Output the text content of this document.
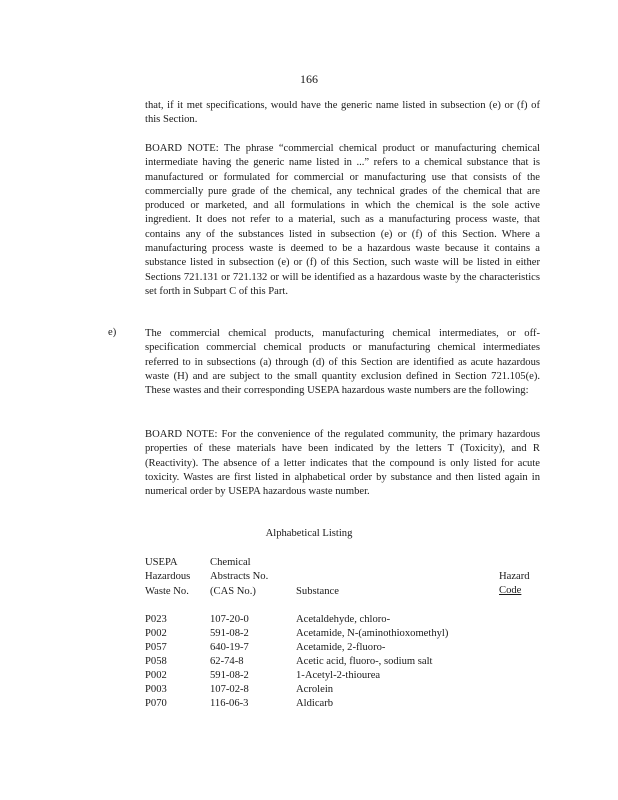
166
that, if it met specifications, would have the generic name listed in subsection (e) or (f) of this Section.
BOARD NOTE: The phrase “commercial chemical product or manufacturing chemical intermediate having the generic name listed in ...” refers to a chemical substance that is manufactured or formulated for commercial or manufacturing use that consists of the commercially pure grade of the chemical, any technical grades of the chemical that are produced or marketed, and all formulations in which the chemical is the sole active ingredient. It does not refer to a material, such as a manufacturing process waste, that contains any of the substances listed in subsection (e) or (f) of this Section. Where a manufacturing process waste is deemed to be a hazardous waste because it contains a substance listed in subsection (e) or (f) of this Section, such waste will be listed in either Sections 721.131 or 721.132 or will be identified as a hazardous waste by the characteristics set forth in Subpart C of this Part.
e)	The commercial chemical products, manufacturing chemical intermediates, or off-specification commercial chemical products or manufacturing chemical intermediates referred to in subsections (a) through (d) of this Section are identified as acute hazardous waste (H) and are subject to the small quantity exclusion defined in Section 721.105(e). These wastes and their corresponding USEPA hazardous waste numbers are the following:
BOARD NOTE: For the convenience of the regulated community, the primary hazardous properties of these materials have been indicated by the letters T (Toxicity), and R (Reactivity). The absence of a letter indicates that the compound is only listed for acute toxicity. Wastes are first listed in alphabetical order by substance and then listed again in numerical order by USEPA hazardous waste number.
Alphabetical Listing
USEPA
Hazardous
Waste No.
Chemical
Abstracts No.
(CAS No.)	Substance
Hazard
Code
P023	107-20-0	Acetaldehyde, chloro-
P002	591-08-2	Acetamide, N-(aminothioxomethyl)
P057	640-19-7	Acetamide, 2-fluoro-
P058	62-74-8	Acetic acid, fluoro-, sodium salt
P002	591-08-2	1-Acetyl-2-thiourea
P003	107-02-8	Acrolein
P070	116-06-3	Aldicarb
